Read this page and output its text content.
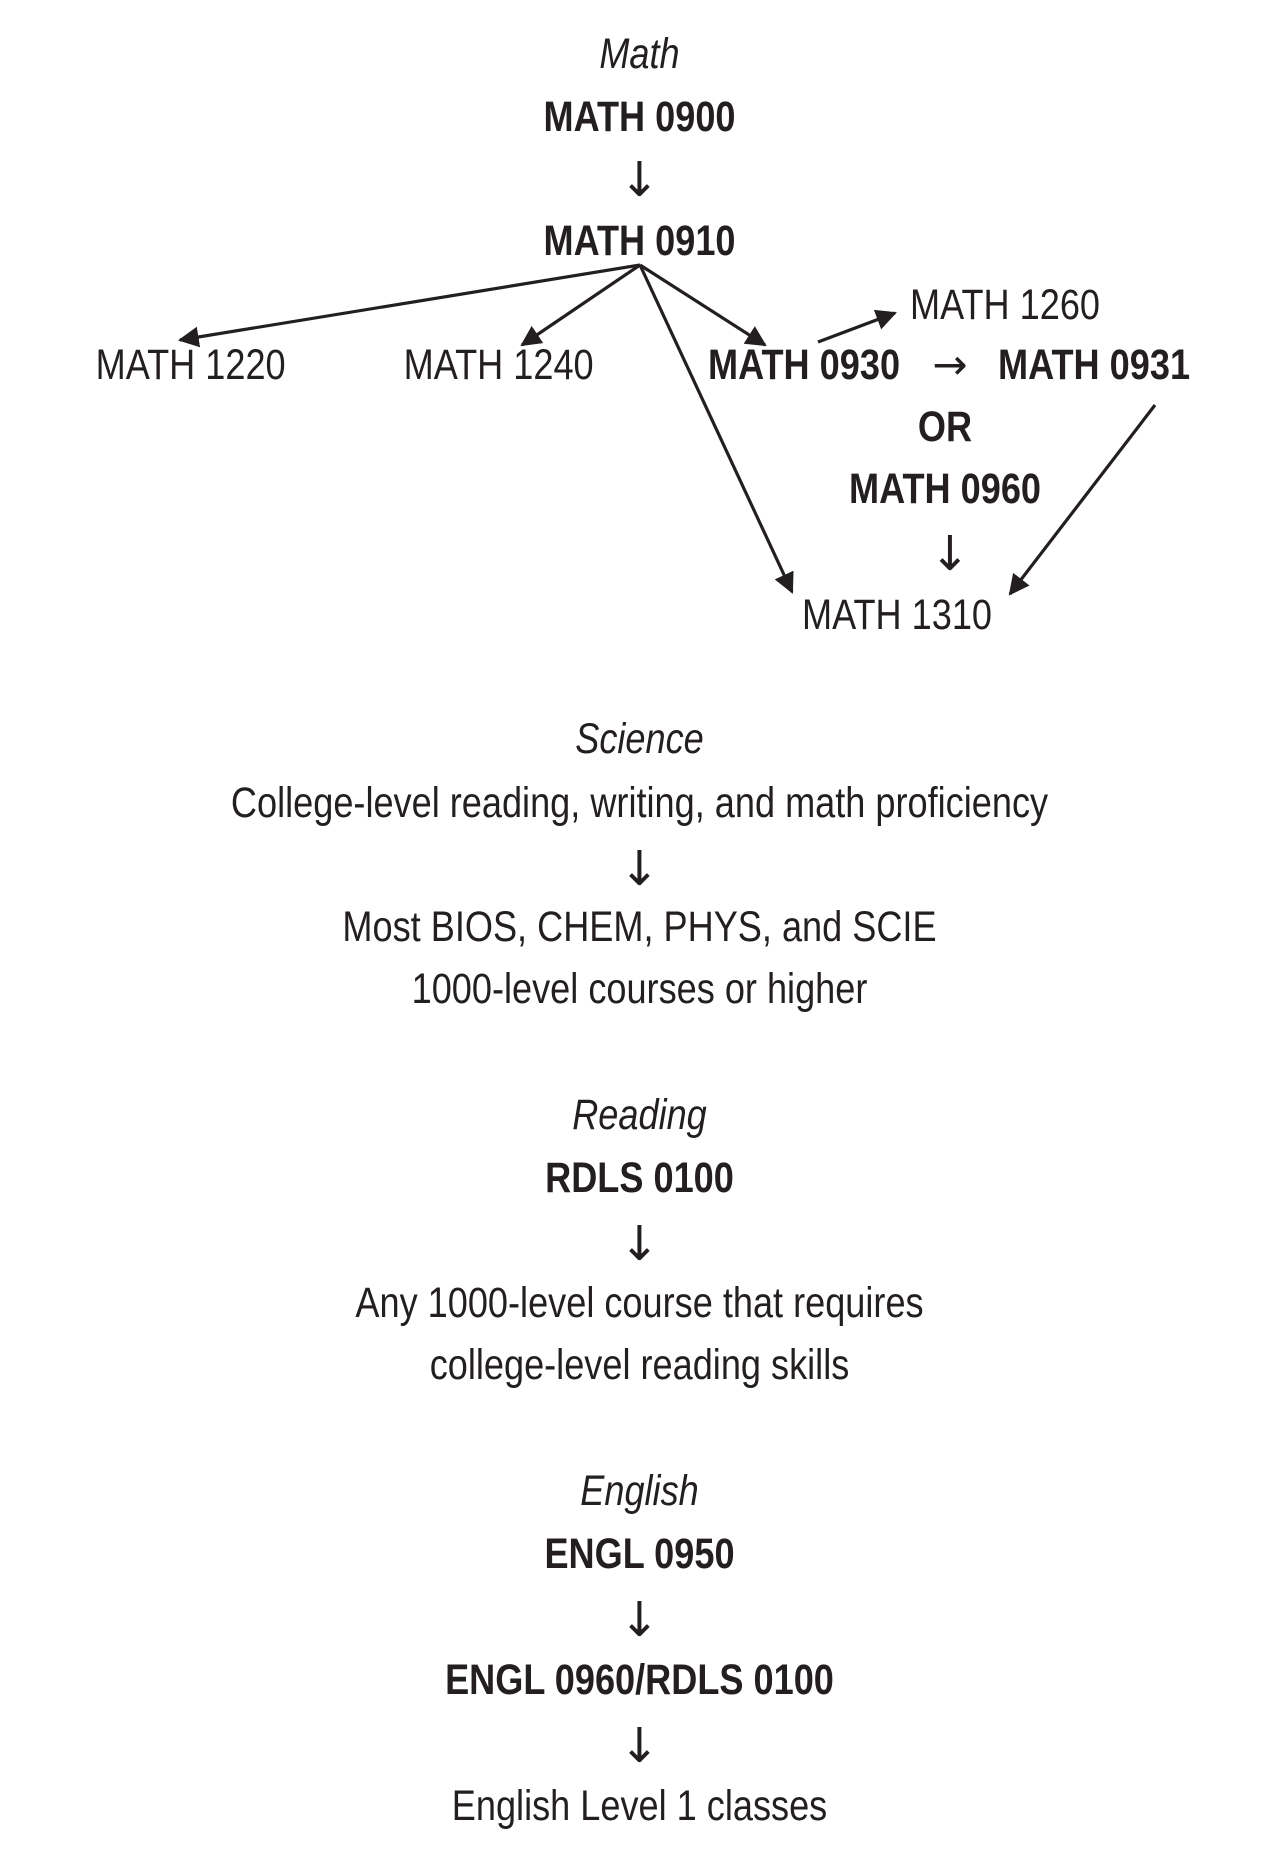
Math
MATH 0900
↓
MATH 0910
MATH 1220	MATH 1240
MATH 1260
MATH 0930 → MATH 0931
OR
MATH 0960
↓
MATH 1310
Science
College-level reading, writing, and math proficiency
↓
Most BIOS, CHEM, PHYS, and SCIE
1000-level courses or higher
Reading
RDLS 0100
↓
Any 1000-level course that requires
college-level reading skills
English
ENGL 0950
↓
ENGL 0960/RDLS 0100
↓
English Level 1 classes
